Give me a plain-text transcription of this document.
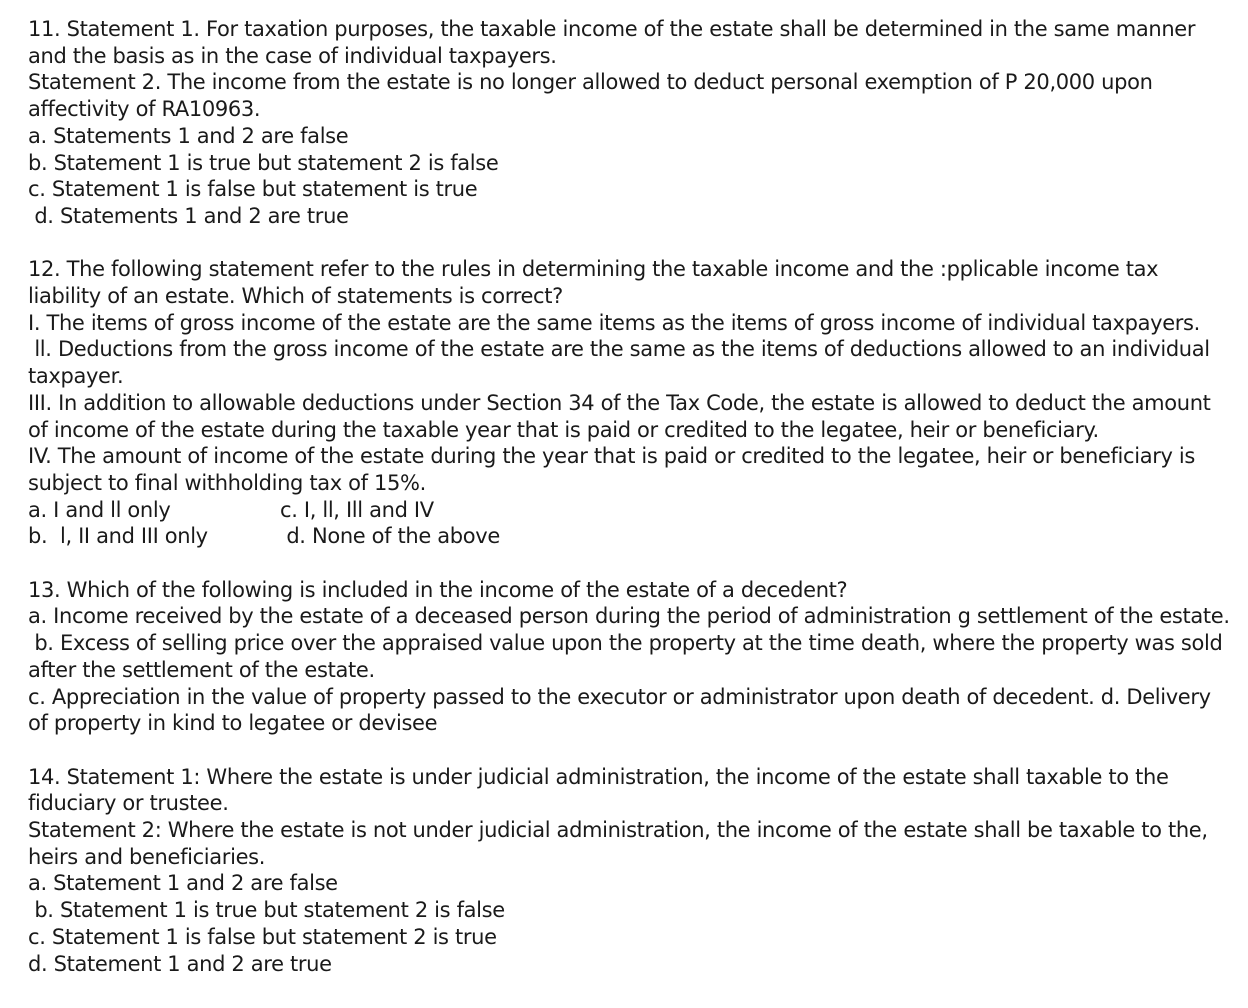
11. Statement 1. For taxation purposes, the taxable income of the estate shall be determined in the same manner
and the basis as in the case of individual taxpayers.
Statement 2. The income from the estate is no longer allowed to deduct personal exemption of P 20,000 upon
affectivity of RA10963.
a. Statements 1 and 2 are false
b. Statement 1 is true but statement 2 is false
c. Statement 1 is false but statement is true
d. Statements 1 and 2 are true
12. The following statement refer to the rules in determining the taxable income and the :pplicable income tax
liability of an estate. Which of statements is correct?
I. The items of gross income of the estate are the same items as the items of gross income of individual taxpayers.
ll. Deductions from the gross income of the estate are the same as the items of deductions allowed to an individual
taxpayer.
III. In addition to allowable deductions under Section 34 of the Tax Code, the estate is allowed to deduct the amount
of income of the estate during the taxable year that is paid or credited to the legatee, heir or beneficiary.
IV. The amount of income of the estate during the year that is paid or credited to the legatee, heir or beneficiary is
subject to final withholding tax of 15%.

a. I and ll only

	c. I, ll, Ill and IV

b.  l, II and III only

	d. None of the above

13. Which of the following is included in the income of the estate of a decedent?
a. Income received by the estate of a deceased person during the period of administration g settlement of the estate.
b. Excess of selling price over the appraised value upon the property at the time death, where the property was sold
after the settlement of the estate.
c. Appreciation in the value of property passed to the executor or administrator upon death of decedent. d. Delivery
of property in kind to legatee or devisee
14. Statement 1: Where the estate is under judicial administration, the income of the estate shall taxable to the
fiduciary or trustee.
Statement 2: Where the estate is not under judicial administration, the income of the estate shall be taxable to the,
heirs and beneficiaries.
a. Statement 1 and 2 are false
b. Statement 1 is true but statement 2 is false
c. Statement 1 is false but statement 2 is true
d. Statement 1 and 2 are true
